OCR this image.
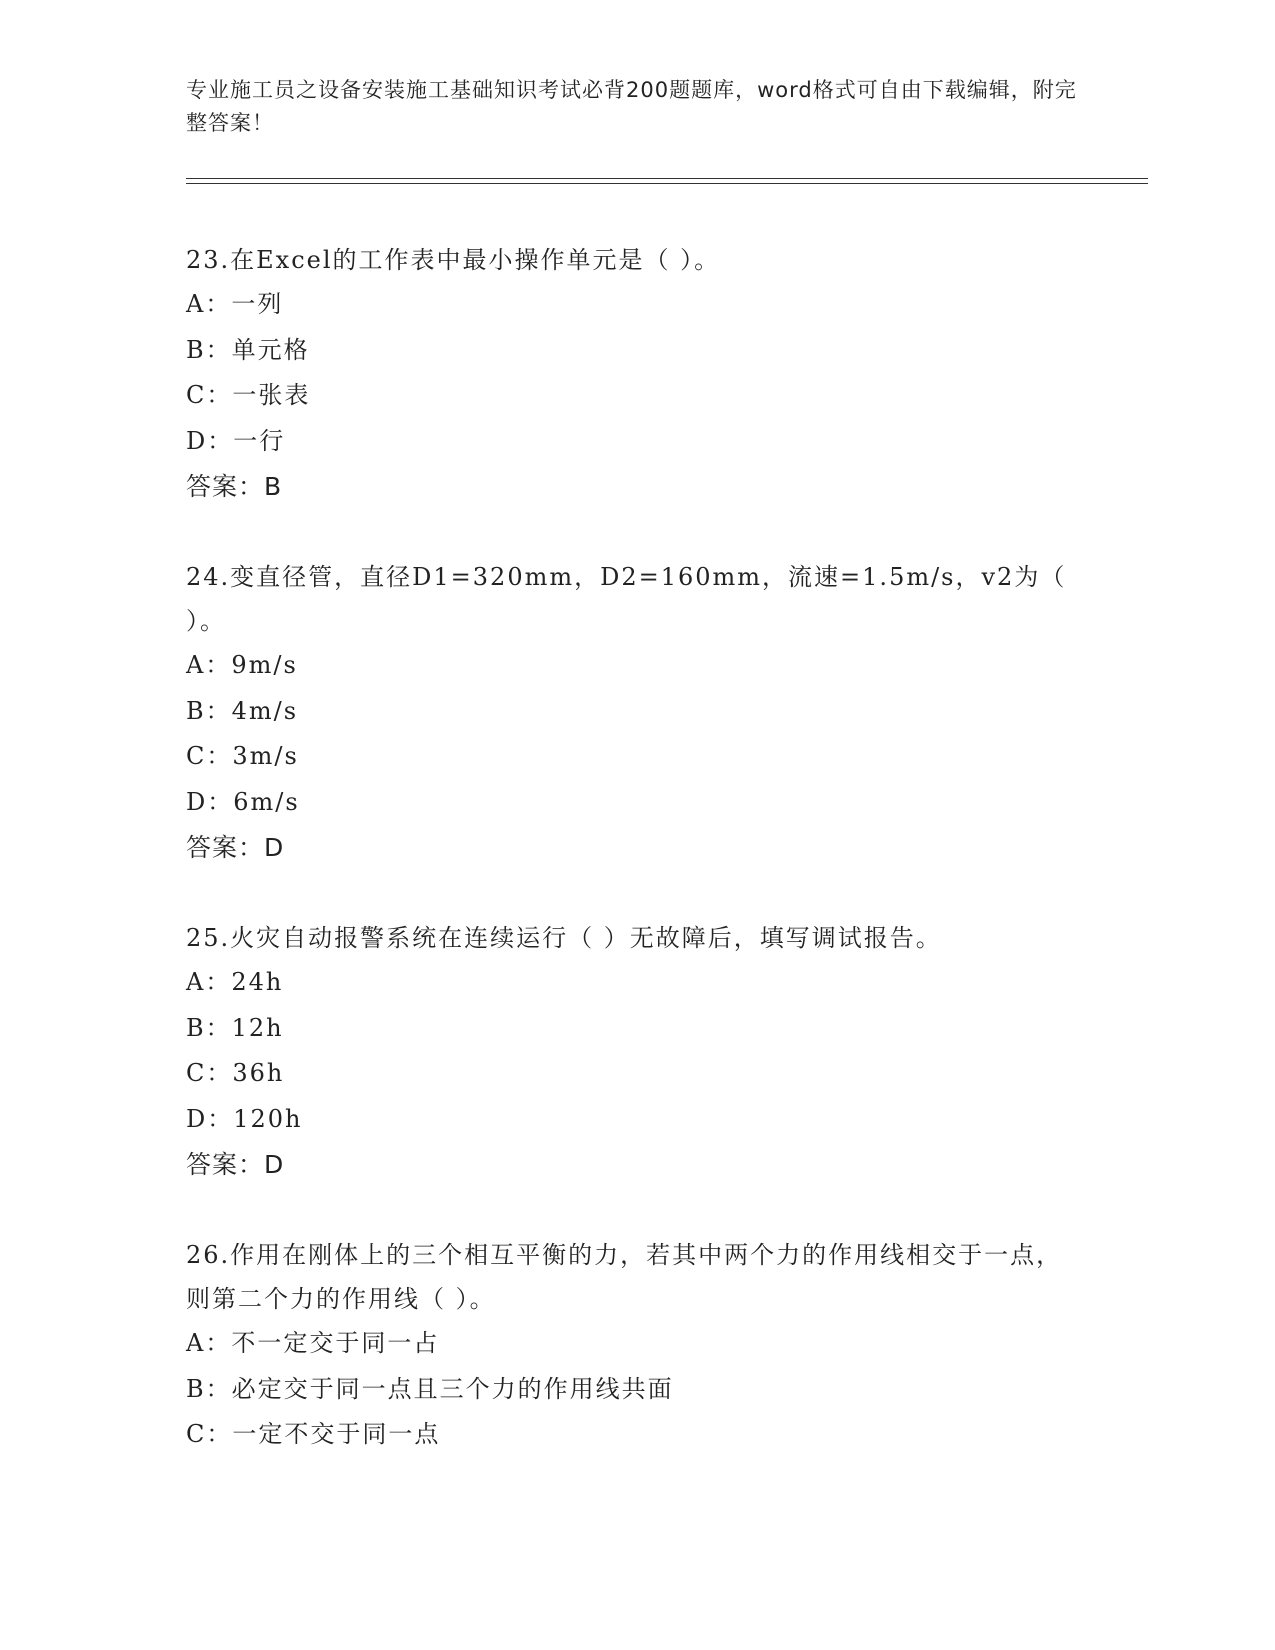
专业施工员之设备安装施工基础知识考试必背200题题库，word格式可自由下载编辑，附完整答案！
23.在Excel的工作表中最小操作单元是（ ）。
A：一列
B：单元格
C：一张表
D：一行
答案：B
24.变直径管，直径D1=320mm，D2=160mm，流速=1.5m/s，v2为（ ）。
A：9m/s
B：4m/s
C：3m/s
D：6m/s
答案：D
25.火灾自动报警系统在连续运行（ ）无故障后，填写调试报告。
A：24h
B：12h
C：36h
D：120h
答案：D
26.作用在刚体上的三个相互平衡的力，若其中两个力的作用线相交于一点，则第二个力的作用线（ ）。
A：不一定交于同一占
B：必定交于同一点且三个力的作用线共面
C：一定不交于同一点
